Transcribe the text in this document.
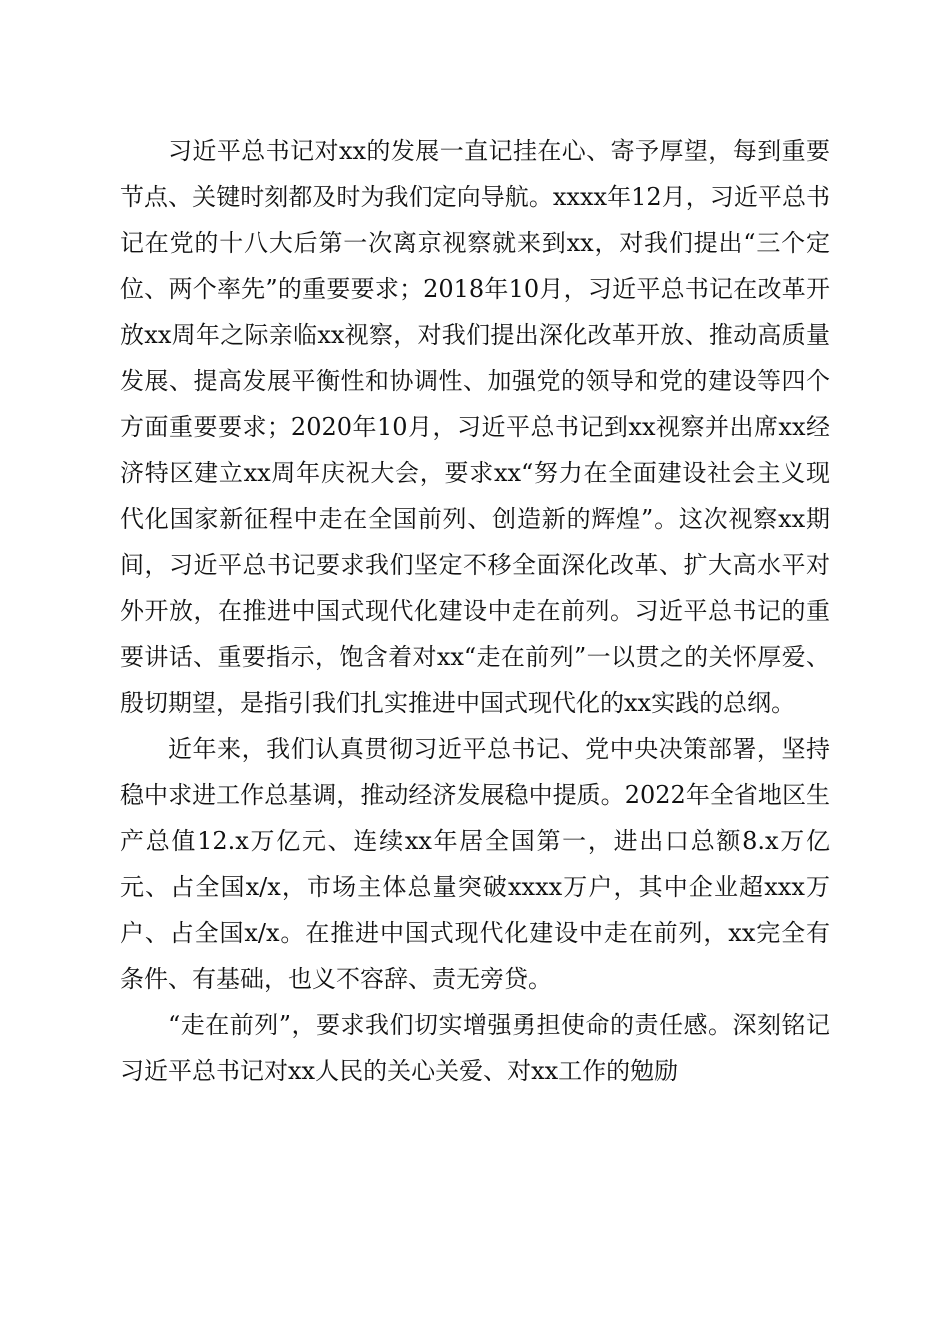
习近平总书记对xx的发展一直记挂在心、寄予厚望，每到重要节点、关键时刻都及时为我们定向导航。xxxx年12月，习近平总书记在党的十八大后第一次离京视察就来到xx，对我们提出“三个定位、两个率先”的重要要求；2018年10月，习近平总书记在改革开放xx周年之际亲临xx视察，对我们提出深化改革开放、推动高质量发展、提高发展平衡性和协调性、加强党的领导和党的建设等四个方面重要要求；2020年10月，习近平总书记到xx视察并出席xx经济特区建立xx周年庆祝大会，要求xx“努力在全面建设社会主义现代化国家新征程中走在全国前列、创造新的辉煌”。这次视察xx期间，习近平总书记要求我们坚定不移全面深化改革、扩大高水平对外开放，在推进中国式现代化建设中走在前列。习近平总书记的重要讲话、重要指示，饱含着对xx“走在前列”一以贯之的关怀厚爱、殷切期望，是指引我们扎实推进中国式现代化的xx实践的总纲。

近年来，我们认真贯彻习近平总书记、党中央决策部署，坚持稳中求进工作总基调，推动经济发展稳中提质。2022年全省地区生产总值12.x万亿元、连续xx年居全国第一，进出口总额8.x万亿元、占全国x/x，市场主体总量突破xxxx万户，其中企业超xxx万户、占全国x/x。在推进中国式现代化建设中走在前列，xx完全有条件、有基础，也义不容辞、责无旁贷。

“走在前列”，要求我们切实增强勇担使命的责任感。深刻铭记习近平总书记对xx人民的关心关爱、对xx工作的勉励
